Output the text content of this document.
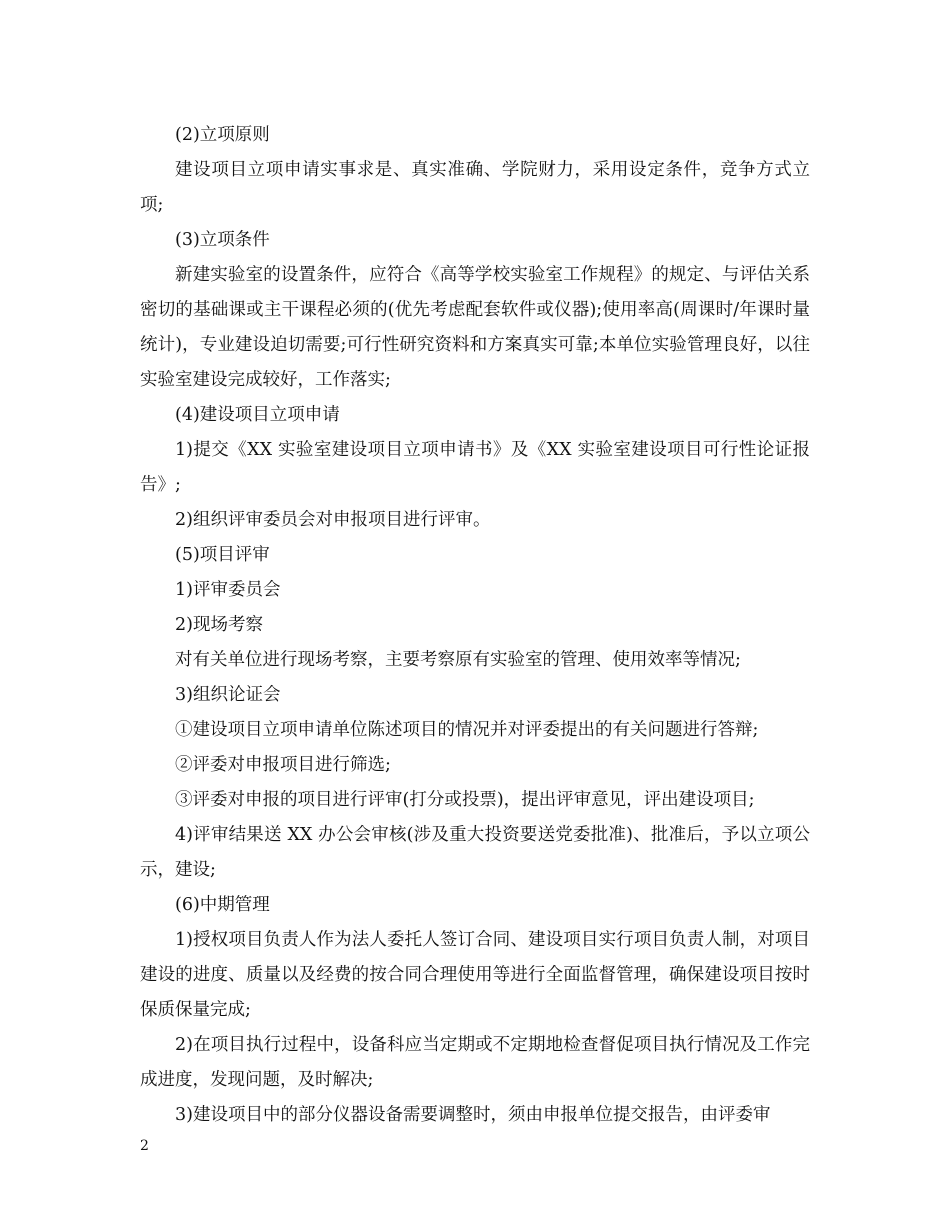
(2)立项原则

建设项目立项申请实事求是、真实准确、学院财力，采用设定条件，竞争方式立项;

(3)立项条件

新建实验室的设置条件，应符合《高等学校实验室工作规程》的规定、与评估关系密切的基础课或主干课程必须的(优先考虑配套软件或仪器);使用率高(周课时/年课时量统计)，专业建设迫切需要;可行性研究资料和方案真实可靠;本单位实验管理良好，以往实验室建设完成较好，工作落实;

(4)建设项目立项申请

1)提交《XX 实验室建设项目立项申请书》及《XX 实验室建设项目可行性论证报告》;

2)组织评审委员会对申报项目进行评审。

(5)项目评审

1)评审委员会

2)现场考察

对有关单位进行现场考察，主要考察原有实验室的管理、使用效率等情况;

3)组织论证会

①建设项目立项申请单位陈述项目的情况并对评委提出的有关问题进行答辩;

②评委对申报项目进行筛选;

③评委对申报的项目进行评审(打分或投票)，提出评审意见，评出建设项目;

4)评审结果送 XX 办公会审核(涉及重大投资要送党委批准)、批准后，予以立项公示，建设;

(6)中期管理

1)授权项目负责人作为法人委托人签订合同、建设项目实行项目负责人制，对项目建设的进度、质量以及经费的按合同合理使用等进行全面监督管理，确保建设项目按时保质保量完成;

2)在项目执行过程中，设备科应当定期或不定期地检查督促项目执行情况及工作完成进度，发现问题，及时解决;

3)建设项目中的部分仪器设备需要调整时，须由申报单位提交报告，由评委审

2
